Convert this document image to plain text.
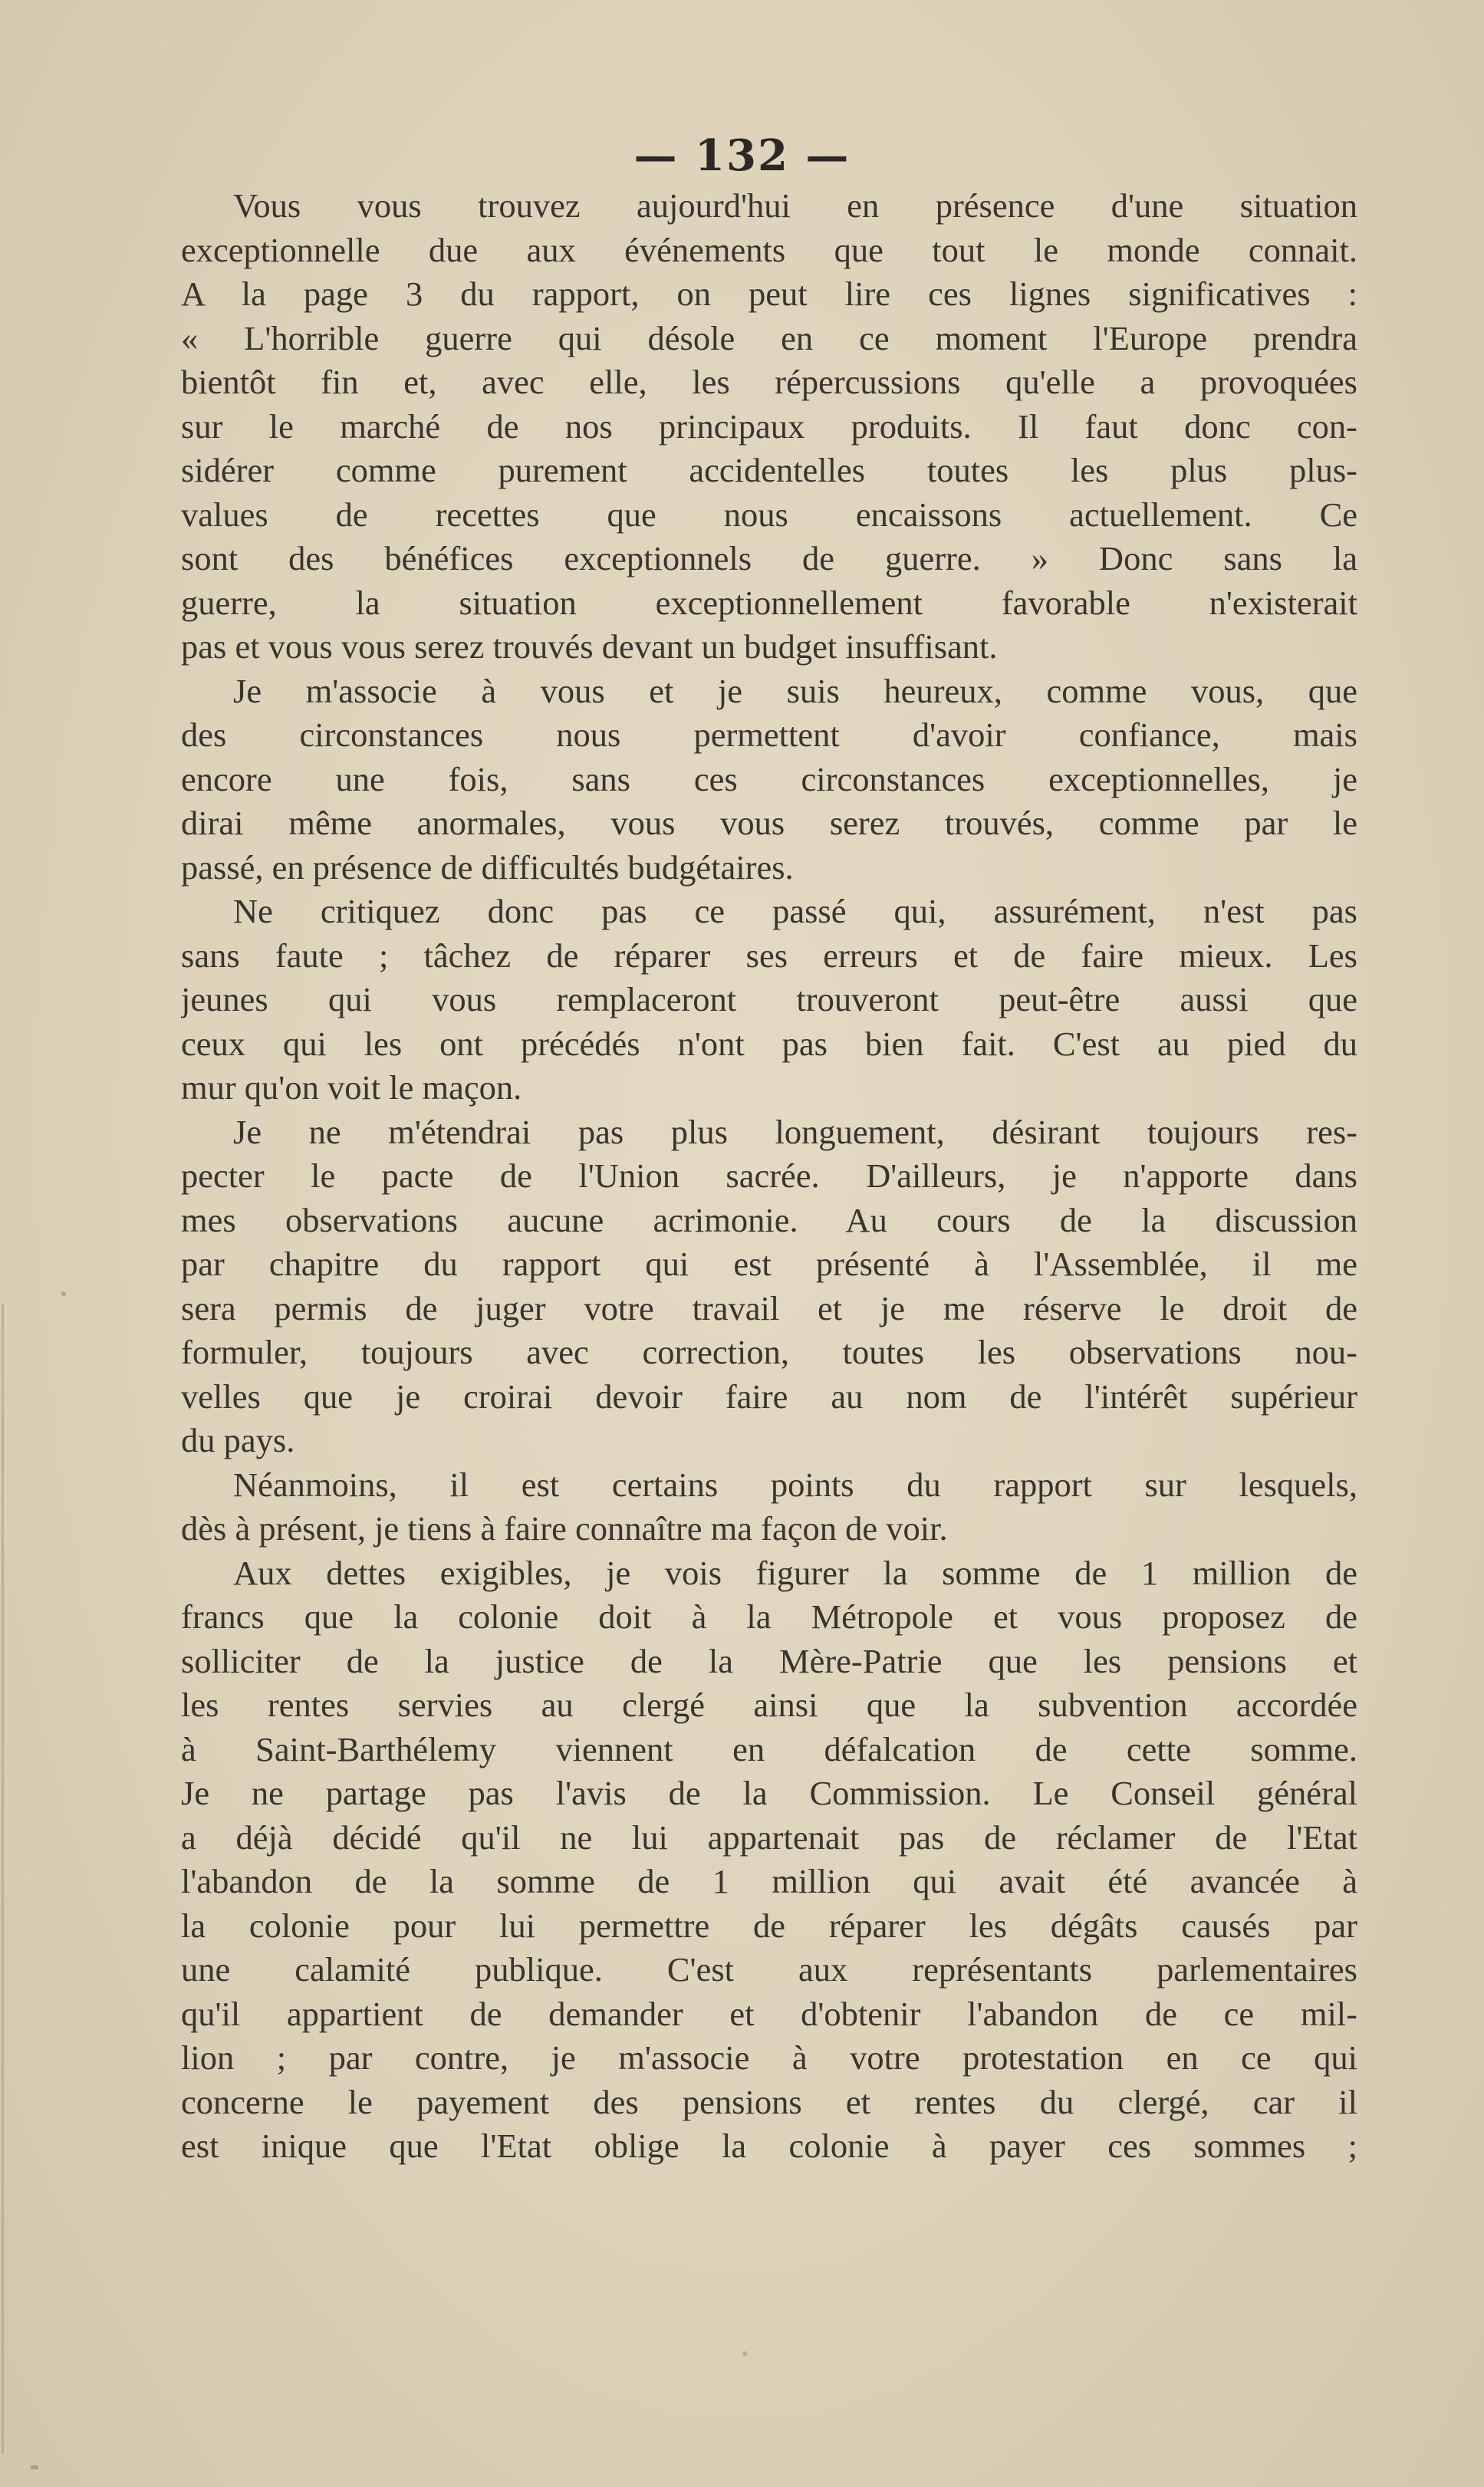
— 132 —
Vous vous trouvez aujourd'hui en présence d'une situation
exceptionnelle due aux événements que tout le monde connait.
A la page 3 du rapport, on peut lire ces lignes significatives :
« L'horrible guerre qui désole en ce moment l'Europe prendra
bientôt fin et, avec elle, les répercussions qu'elle a provoquées
sur le marché de nos principaux produits. Il faut donc con-
sidérer comme purement accidentelles toutes les plus plus-
values de recettes que nous encaissons actuellement. Ce
sont des bénéfices exceptionnels de guerre. » Donc sans la
guerre, la situation exceptionnellement favorable n'existerait
pas et vous vous serez trouvés devant un budget insuffisant.
Je m'associe à vous et je suis heureux, comme vous, que
des circonstances nous permettent d'avoir confiance, mais
encore une fois, sans ces circonstances exceptionnelles, je
dirai même anormales, vous vous serez trouvés, comme par le
passé, en présence de difficultés budgétaires.
Ne critiquez donc pas ce passé qui, assurément, n'est pas
sans faute ; tâchez de réparer ses erreurs et de faire mieux. Les
jeunes qui vous remplaceront trouveront peut-être aussi que
ceux qui les ont précédés n'ont pas bien fait. C'est au pied du
mur qu'on voit le maçon.
Je ne m'étendrai pas plus longuement, désirant toujours res-
pecter le pacte de l'Union sacrée. D'ailleurs, je n'apporte dans
mes observations aucune acrimonie. Au cours de la discussion
par chapitre du rapport qui est présenté à l'Assemblée, il me
sera permis de juger votre travail et je me réserve le droit de
formuler, toujours avec correction, toutes les observations nou-
velles que je croirai devoir faire au nom de l'intérêt supérieur
du pays.
Néanmoins, il est certains points du rapport sur lesquels,
dès à présent, je tiens à faire connaître ma façon de voir.
Aux dettes exigibles, je vois figurer la somme de 1 million de
francs que la colonie doit à la Métropole et vous proposez de
solliciter de la justice de la Mère-Patrie que les pensions et
les rentes servies au clergé ainsi que la subvention accordée
à Saint-Barthélemy viennent en défalcation de cette somme.
Je ne partage pas l'avis de la Commission. Le Conseil général
a déjà décidé qu'il ne lui appartenait pas de réclamer de l'Etat
l'abandon de la somme de 1 million qui avait été avancée à
la colonie pour lui permettre de réparer les dégâts causés par
une calamité publique. C'est aux représentants parlementaires
qu'il appartient de demander et d'obtenir l'abandon de ce mil-
lion ; par contre, je m'associe à votre protestation en ce qui
concerne le payement des pensions et rentes du clergé, car il
est inique que l'Etat oblige la colonie à payer ces sommes ;
